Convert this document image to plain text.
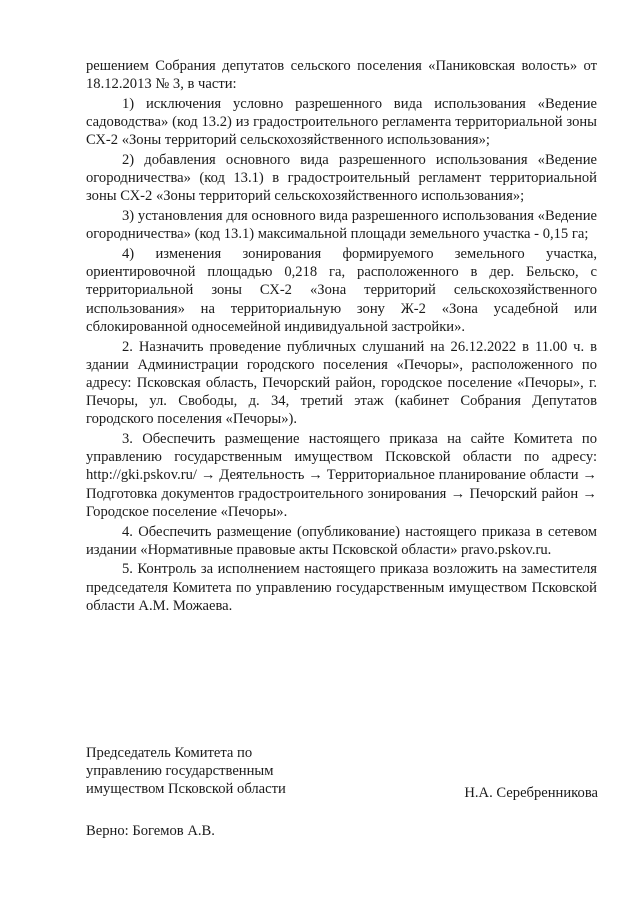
решением Собрания депутатов сельского поселения «Паниковская волость» от 18.12.2013 № 3, в части:

1) исключения условно разрешенного вида использования «Ведение садоводства» (код 13.2) из градостроительного регламента территориальной зоны СХ-2 «Зоны территорий сельскохозяйственного использования»;

2) добавления основного вида разрешенного использования «Ведение огородничества» (код 13.1) в градостроительный регламент территориальной зоны СХ-2 «Зоны территорий сельскохозяйственного использования»;

3) установления для основного вида разрешенного использования «Ведение огородничества» (код 13.1) максимальной площади земельного участка - 0,15 га;

4) изменения зонирования формируемого земельного участка, ориентировочной площадью 0,218 га, расположенного в дер. Бельско, с территориальной зоны СХ-2 «Зона территорий сельскохозяйственного использования» на территориальную зону Ж-2 «Зона усадебной или сблокированной односемейной индивидуальной застройки».

2. Назначить проведение публичных слушаний на 26.12.2022 в 11.00 ч. в здании Администрации городского поселения «Печоры», расположенного по адресу: Псковская область, Печорский район, городское поселение «Печоры», г. Печоры, ул. Свободы, д. 34, третий этаж (кабинет Собрания Депутатов городского поселения «Печоры»).

3. Обеспечить размещение настоящего приказа на сайте Комитета по управлению государственным имуществом Псковской области по адресу: http://gki.pskov.ru/ → Деятельность → Территориальное планирование области → Подготовка документов градостроительного зонирования → Печорский район → Городское поселение «Печоры».

4. Обеспечить размещение (опубликование) настоящего приказа в сетевом издании «Нормативные правовые акты Псковской области» pravo.pskov.ru.

5. Контроль за исполнением настоящего приказа возложить на заместителя председателя Комитета по управлению государственным имуществом Псковской области А.М. Можаева.

Председатель Комитета по
управлению государственным
имуществом Псковской области	Н.А. Серебренникова
Верно: Богемов А.В.
